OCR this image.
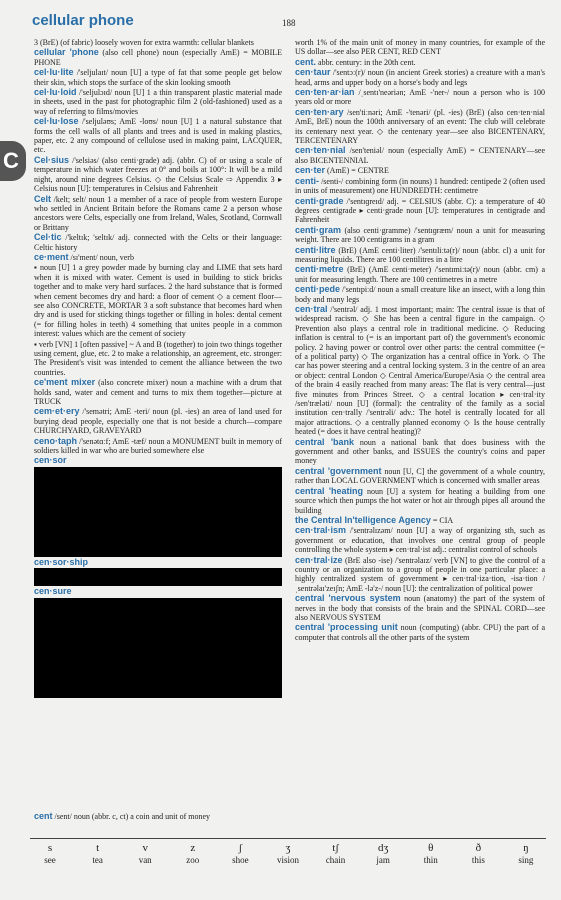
cellular phone	188
C
3 (BrE) (of fabric) loosely woven for extra warmth: cellular blankets
cellular 'phone (also cell phone) noun (especially AmE) = MOBILE PHONE
cel·lu·lite /'seljulaɪt/ noun [U] a type of fat that some people get below their skin, which stops the surface of the skin looking smooth
cel·lu·loid /'seljulɔɪd/ noun [U] 1 a thin transparent plastic material made in sheets, used in the past for photographic film 2 (old-fashioned) used as a way of referring to films/movies
cel·lu·lose /'seljuləʊs; AmE -loʊs/ noun [U] 1 a natural substance that forms the cell walls of all plants and trees and is used in making plastics, paper, etc. 2 any compound of cellulose used in making paint, LACQUER, etc.
Cel·sius /'selsiəs/ (also centi·grade) adj. (abbr. C) of or using a scale of temperature in which water freezes at 0° and boils at 100°: It will be a mild night, around nine degrees Celsius. ◇ the Celsius Scale ⇨ Appendix 3 ▸ Celsius noun [U]: temperatures in Celsius and Fahrenheit
Celt /kelt; selt/ noun 1 a member of a race of people from western Europe who settled in Ancient Britain before the Romans came 2 a person whose ancestors were Celts, especially one from Ireland, Wales, Scotland, Cornwall or Brittany
Cel·tic /'keltɪk; 'seltɪk/ adj. connected with the Celts or their language: Celtic history
ce·ment /sɪ'ment/ noun, verb
▪ noun [U] 1 a grey powder made by burning clay and LIME that sets hard when it is mixed with water. Cement is used in building to stick bricks together and to make very hard surfaces. 2 the hard substance that is formed when cement becomes dry and hard: a floor of cement ◇ a cement floor—see also CONCRETE, MORTAR 3 a soft substance that becomes hard when dry and is used for sticking things together or filling in holes: dental cement (= for filling holes in teeth) 4 something that unites people in a common interest: values which are the cement of society
▪ verb [VN] 1 [often passive] ~ A and B (together) to join two things together using cement, glue, etc. 2 to make a relationship, an agreement, etc. stronger: The President's visit was intended to cement the alliance between the two countries.
ce'ment mixer (also concrete mixer) noun a machine with a drum that holds sand, water and cement and turns to mix them together—picture at TRUCK
cem·et·ery /'semətri; AmE -teri/ noun (pl. -ies) an area of land used for burying dead people, especially one that is not beside a church—compare CHURCHYARD, GRAVEYARD
ceno·taph /'senətɑːf; AmE -tæf/ noun a MONUMENT built in memory of soldiers killed in war who are buried somewhere else
cen·sor
cen·sor·ship
cen·sure
worth 1% of the main unit of money in many countries, for example of the US dollar—see also PER CENT, RED CENT
cent. abbr. century: in the 20th cent.
cen·taur /'sentɔː(r)/ noun (in ancient Greek stories) a creature with a man's head, arms and upper body on a horse's body and legs
cen·ten·ar·ian /ˌsentɪ'neəriən; AmE -'ner-/ noun a person who is 100 years old or more
cen·ten·ary /sen'tiːnəri; AmE -'tenəri/ (pl. -ies) (BrE) (also cen·ten·nial AmE, BrE) noun the 100th anniversary of an event: The club will celebrate its centenary next year. ◇ the centenary year—see also BICENTENARY, TERCENTENARY
cen·ten·nial /sen'teniəl/ noun (especially AmE) = CENTENARY—see also BICENTENNIAL
cen·ter (AmE) = CENTRE
centi- /senti-/ combining form (in nouns) 1 hundred: centipede 2 (often used in units of measurement) one HUNDREDTH: centimetre
centi·grade /'sentɪɡreɪd/ adj. = CELSIUS (abbr. C): a temperature of 40 degrees centigrade ▸ centi·grade noun [U]: temperatures in centigrade and Fahrenheit
centi·gram (also centi·gramme) /'sentɪɡræm/ noun a unit for measuring weight. There are 100 centigrams in a gram
centi·litre (BrE) (AmE centi·liter) /'sentɪliːtə(r)/ noun (abbr. cl) a unit for measuring liquids. There are 100 centilitres in a litre
centi·metre (BrE) (AmE centi·meter) /'sentɪmiːtə(r)/ noun (abbr. cm) a unit for measuring length. There are 100 centimetres in a metre
centi·pede /'sentɪpiːd/ noun a small creature like an insect, with a long thin body and many legs
cen·tral /'sentrəl/ adj. 1 most important; main: The central issue is that of widespread racism. ◇ She has been a central figure in the campaign. ◇ Prevention also plays a central role in traditional medicine. ◇ Reducing inflation is central to (= is an important part of) the government's economic policy. 2 having power or control over other parts: the central committee (= of a political party) ◇ The organization has a central office in York. ◇ The car has power steering and a central locking system. 3 in the centre of an area or object: central London ◇ Central America/Europe/Asia ◇ the central area of the brain 4 easily reached from many areas: The flat is very central—just five minutes from Princes Street. ◇ a central location ▸ cen·tral·ity /sen'træləti/ noun [U] (formal): the centrality of the family as a social institution cen·trally /'sentrəli/ adv.: The hotel is centrally located for all major attractions. ◇ a centrally planned economy ◇ Is the house centrally heated (= does it have central heating)?
central 'bank noun a national bank that does business with the government and other banks, and ISSUES the country's coins and paper money
central 'government noun [U, C] the government of a whole country, rather than LOCAL GOVERNMENT which is concerned with smaller areas
central 'heating noun [U] a system for heating a building from one source which then pumps the hot water or hot air through pipes all around the building
the Central In'telligence Agency = CIA
cen·tral·ism /'sentrəlɪzəm/ noun [U] a way of organizing sth, such as government or education, that involves one central group of people controlling the whole system ▸ cen·tral·ist adj.: centralist control of schools
cen·tral·ize (BrE also -ise) /'sentrəlaɪz/ verb [VN] to give the control of a country or an organization to a group of people in one particular place: a highly centralized system of government ▸ cen·tral·iza·tion, -isa·tion /ˌsentrəlaɪ'zeɪʃn; AmE -lə'z-/ noun [U]: the centralization of political power
central 'nervous system noun (anatomy) the part of the system of nerves in the body that consists of the brain and the SPINAL CORD—see also NERVOUS SYSTEM
central 'processing unit noun (computing) (abbr. CPU) the part of a computer that controls all the other parts of the system
cent /sent/ noun (abbr. c, ct) a coin and unit of money
s
see
t
tea
v
van
z
zoo
ʃ
shoe
ʒ
vision
tʃ
chain
dʒ
jam
θ
thin
ð
this
ŋ
sing
